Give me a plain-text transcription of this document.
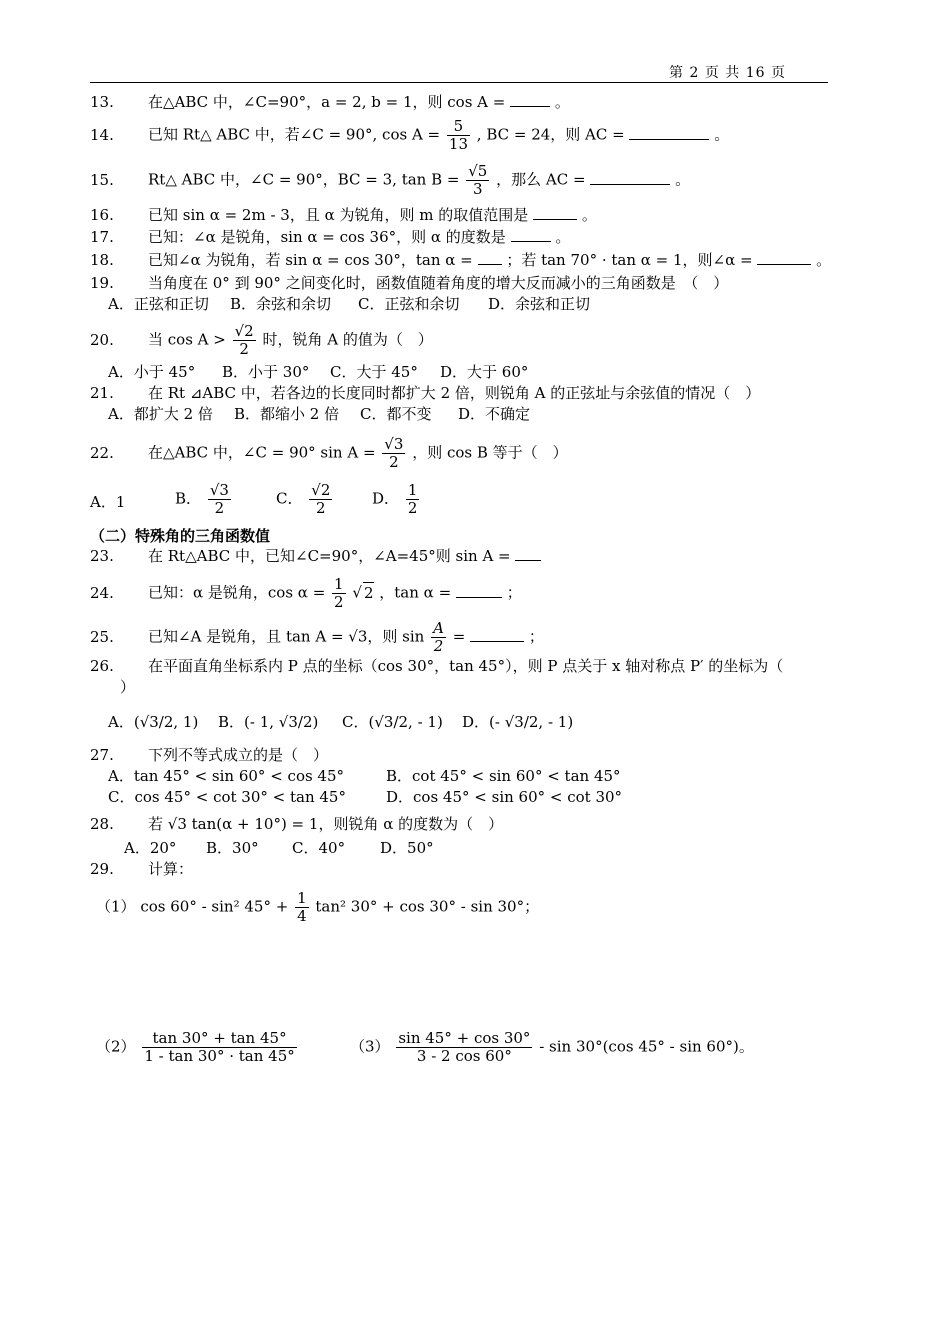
第 2 页 共 16 页
13. 在△ABC 中，∠C=90°，a = 2, b = 1，则 cos A =	。
14. 已知 Rt△ ABC 中，若∠C = 90°, $\cos A = \frac{5}{13}$ , BC = 24，则 AC =	。
15. Rt△ ABC 中，∠C = 90°，BC = 3, $\tan B = \frac{√5}{3}$ ，那么 AC =	。
16. 已知 sin α = 2m - 3，且 α 为锐角，则 m 的取值范围是	。
17. 已知：∠α 是锐角，sin α = cos 36°，则 α 的度数是	。
18. 已知∠α 为锐角，若 sin α = cos 30°，tan α = ；若 tan 70° · tan α = 1，则∠α =	。
19. 当角度在 0° 到 90° 之间变化时，函数值随着角度的增大反而减小的三角函数是　（　）
A．正弦和正切 B．余弦和余切 C．正弦和余切 D．余弦和正切
20. 当 $\cos A > \frac{√2}{2}$ 时，锐角 A 的值为（　）
A．小于 45° B．小于 30° C．大于 45° D．大于 60°
21. 在 Rt ⊿ABC 中，若各边的长度同时都扩大 2 倍，则锐角 A 的正弦址与余弦值的情况（　）
A．都扩大 2 倍 B．都缩小 2 倍 C．都不变 D．不确定
22. 在△ABC 中，∠C = 90° $\sin A = \frac{√3}{2}$ ，则 cos B 等于（　）
A．1	B． $\frac{√3}{2}$	C． $\frac{√2}{2}$	D． $\frac{1}{2}$
（二）特殊角的三角函数值
23. 在 Rt△ABC 中，已知∠C=90°，∠A=45°则 sin A =
24. 已知：α 是锐角，$\cos \alpha = \frac{1}{2}$ √ 2 ，tan α =	；
25. 已知∠A 是锐角，且 tan A = √3，则 $\sin \frac{A}{2}$ =	；
26. 在平面直角坐标系内 P 点的坐标（cos 30°，tan 45°），则 P 点关于 x 轴对称点 P′ 的坐标为（
）
A．(√3/2, 1) B．(- 1, √3/2) C．(√3/2, - 1) D．(- √3/2, - 1)
27. 下列不等式成立的是（　）
A．tan 45° < sin 60° < cos 45°	B．cot 45° < sin 60° < tan 45°
C．cos 45° < cot 30° < tan 45°	D．cos 45° < sin 60° < cot 30°
28. 若 √3 tan(α + 10°) = 1，则锐角 α 的度数为（　）
A．20° B．30° C．40° D．50°
29. 计算：
（1） cos 60° - sin² $45^\circ + \frac{1}{4} \tan^2$ 30° + cos 30° - sin 30°；
$(2) \frac{\tan 30^\circ + \tan 45^\circ}{1 - \tan 30^\circ \cdot \tan 45^\circ}$	$(3) \frac{\sin 45^\circ + \cos 30^\circ}{3 - 2 \cos 60^\circ}$ - sin 30°(cos 45° - sin 60°)。
